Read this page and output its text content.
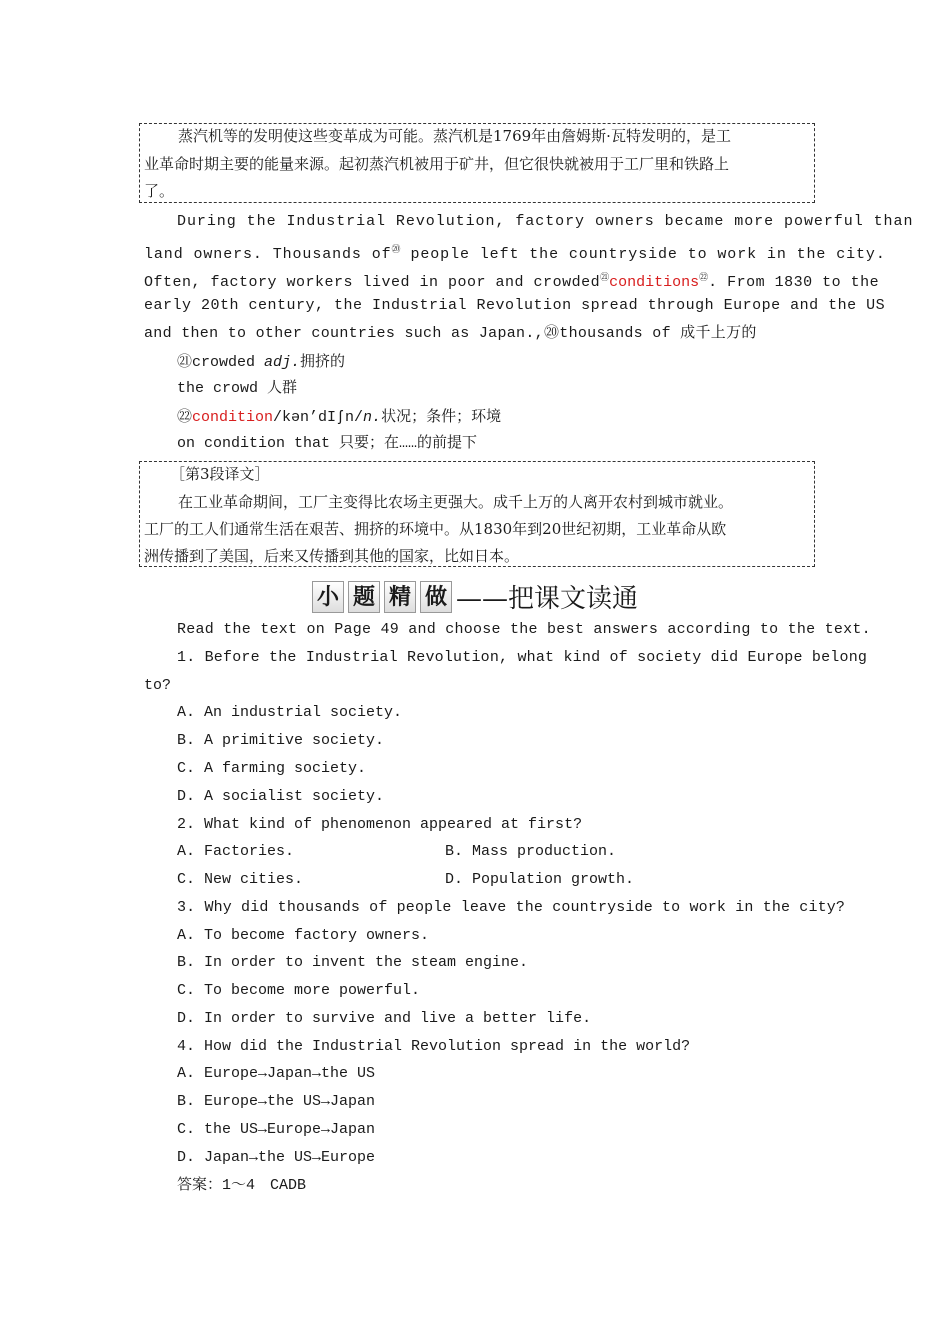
蒸汽机等的发明使这些变革成为可能。蒸汽机是1769年由詹姆斯·瓦特发明的，是工
业革命时期主要的能量来源。起初蒸汽机被用于矿井，但它很快就被用于工厂里和铁路上
了。
During the Industrial Revolution, factory owners became more powerful than
land owners. Thousands of⑳ people left the countryside to work in the city.
Often, factory workers lived in poor and crowded$^㉑$conditions$^㉒$. From 1830 to the
early 20th century, the Industrial Revolution spread through Europe and the US
and then to other countries such as Japan.,⑳thousands of 成千上万的
㉑crowded adj.拥挤的
the crowd 人群
㉒condition/kən’dIʃn/n.状况；条件；环境
on condition that 只要；在……的前提下
［第3段译文］
在工业革命期间，工厂主变得比农场主更强大。成千上万的人离开农村到城市就业。
工厂的工人们通常生活在艰苦、拥挤的环境中。从1830年到20世纪初期，工业革命从欧
洲传播到了美国，后来又传播到其他的国家，比如日本。
小 题 精 做 ——把课文读通
Read the text on Page 49 and choose the best answers according to the text.
1. Before the Industrial Revolution, what kind of society did Europe belong
to?
A. An industrial society.
B. A primitive society.
C. A farming society.
D. A socialist society.
2. What kind of phenomenon appeared at first?
A. Factories.	B. Mass production.
C. New cities.	D. Population growth.
3. Why did thousands of people leave the countryside to work in the city?
A. To become factory owners.
B. In order to invent the steam engine.
C. To become more powerful.
D. In order to survive and live a better life.
4. How did the Industrial Revolution spread in the world?
A. Europe→Japan→the US
B. Europe→the US→Japan
C. the US→Europe→Japan
D. Japan→the US→Europe
答案：1～4　CADB
